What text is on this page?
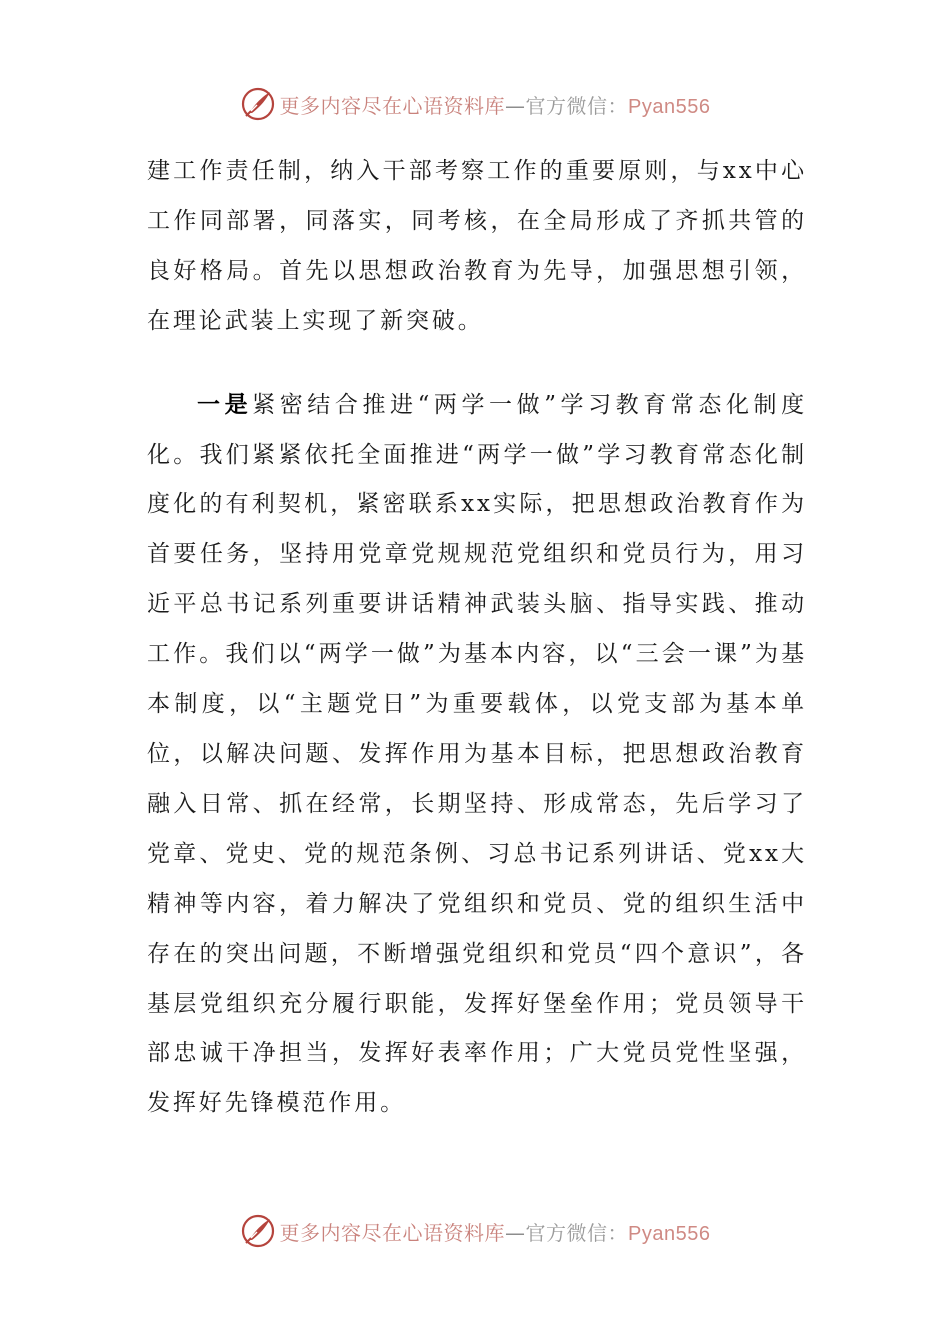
更多内容尽在心语资料库—官方微信：Pyan556

建工作责任制，纳入干部考察工作的重要原则，与xx中心工作同部署，同落实，同考核，在全局形成了齐抓共管的良好格局。首先以思想政治教育为先导，加强思想引领，在理论武装上实现了新突破。

一是紧密结合推进“两学一做”学习教育常态化制度化。我们紧紧依托全面推进“两学一做”学习教育常态化制度化的有利契机，紧密联系xx实际，把思想政治教育作为首要任务，坚持用党章党规规范党组织和党员行为，用习近平总书记系列重要讲话精神武装头脑、指导实践、推动工作。我们以“两学一做”为基本内容，以“三会一课”为基本制度，以“主题党日”为重要载体，以党支部为基本单位，以解决问题、发挥作用为基本目标，把思想政治教育融入日常、抓在经常，长期坚持、形成常态，先后学习了党章、党史、党的规范条例、习总书记系列讲话、党xx大精神等内容，着力解决了党组织和党员、党的组织生活中存在的突出问题，不断增强党组织和党员“四个意识”，各基层党组织充分履行职能，发挥好堡垒作用；党员领导干部忠诚干净担当，发挥好表率作用；广大党员党性坚强，发挥好先锋模范作用。

更多内容尽在心语资料库—官方微信：Pyan556
